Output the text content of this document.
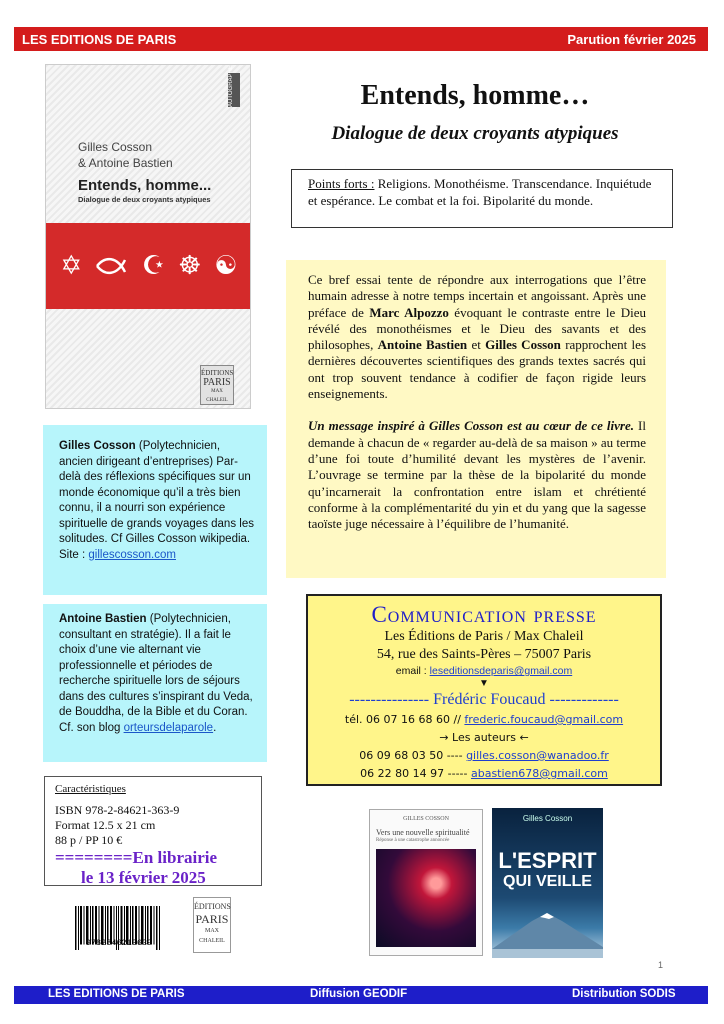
LES EDITIONS DE PARIS	Parution février 2025
AUTOGRAPHE
Gilles Cosson
& Antoine Bastien
Entends, homme...
Dialogue de deux croyants atypiques
✡ ☪ ☸ ☯
ÉDITIONS
PARIS
MAX CHALEIL
Entends, homme…
Dialogue de deux croyants atypiques
Points forts : Religions. Monothéisme. Transcendance. Inquiétude et espérance. Le combat et la foi. Bipolarité du monde.

Ce bref essai tente de répondre aux interrogations que l’être humain adresse à notre temps incertain et angoissant. Après une préface de Marc Alpozzo évoquant le contraste entre le Dieu révélé des monothéismes et le Dieu des savants et des philosophes, Antoine Bastien et Gilles Cosson rapprochent les dernières découvertes scientifiques des grands textes sacrés qui ont trop souvent tendance à codifier de façon rigide leurs enseignements.

Un message inspiré à Gilles Cosson est au cœur de ce livre. Il demande à chacun de « regarder au-delà de sa maison » au terme d’une foi toute d’humilité devant les mystères de l’avenir. L’ouvrage se termine par la thèse de la bipolarité du monde qu’incarnerait la confrontation entre islam et chrétienté conforme à la complémentarité du yin et du yang que la sagesse taoïste juge nécessaire à l’équilibre de l’humanité.

Gilles Cosson (Polytechnicien, ancien dirigeant d’entreprises) Par-delà des réflexions spécifiques sur un monde économique qu’il a très bien connu, il a nourri son expérience spirituelle de grands voyages dans les solitudes. Cf Gilles Cosson wikipedia. Site : gillescosson.com
Antoine Bastien (Polytechnicien, consultant en stratégie). Il a fait le choix d’une vie alternant vie professionnelle et périodes de recherche spirituelle lors de séjours dans des cultures s’inspirant du Veda, de Bouddha, de la Bible et du Coran. Cf. son blog orteursdelaparole.
Communication presse
Les Éditions de Paris / Max Chaleil
54, rue des Saints-Pères – 75007 Paris
email : leseditionsdeparis@gmail.com
▼
--------------- Frédéric Foucaud -------------
tél. 06 07 16 68 60 // frederic.foucaud@gmail.com
→ Les auteurs ←
06 09 68 03 50 ---- gilles.cosson@wanadoo.fr
06 22 80 14 97 ----- abastien678@gmail.com
Caractéristiques
ISBN 978-2-84621-363-9
Format 12.5 x 21 cm
88 p / PP 10 €
========En librairie
le 13 février 2025
9782846213639
ÉDITIONS
PARIS
MAX CHALEIL
GILLES COSSON
Vers une nouvelle spiritualité
Réponse à une catastrophe annoncée
Gilles Cosson
L'ESPRIT
QUI VEILLE
1
LES EDITIONS DE PARIS	Diffusion GEODIF	Distribution SODIS
